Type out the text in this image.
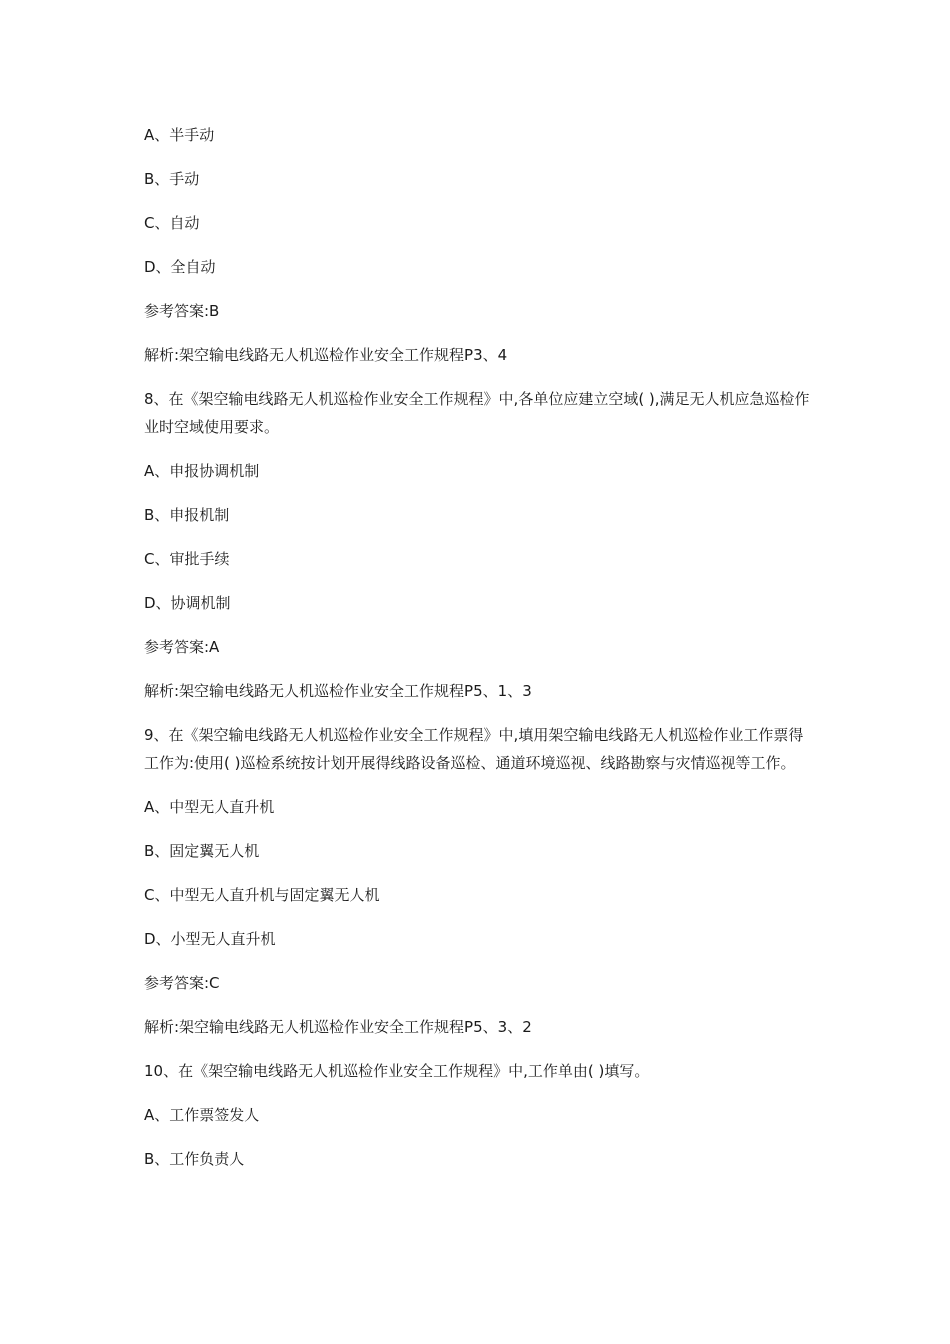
A、半手动

B、手动

C、自动

D、全自动

参考答案:B

解析:架空输电线路无人机巡检作业安全工作规程P3、4

8、在《架空输电线路无人机巡检作业安全工作规程》中,各单位应建立空域( ),满足无人机应急巡检作业时空域使用要求。

A、申报协调机制

B、申报机制

C、审批手续

D、协调机制

参考答案:A

解析:架空输电线路无人机巡检作业安全工作规程P5、1、3

9、在《架空输电线路无人机巡检作业安全工作规程》中,填用架空输电线路无人机巡检作业工作票得工作为:使用( )巡检系统按计划开展得线路设备巡检、通道环境巡视、线路勘察与灾情巡视等工作。

A、中型无人直升机

B、固定翼无人机

C、中型无人直升机与固定翼无人机

D、小型无人直升机

参考答案:C

解析:架空输电线路无人机巡检作业安全工作规程P5、3、2

10、在《架空输电线路无人机巡检作业安全工作规程》中,工作单由( )填写。

A、工作票签发人

B、工作负责人
